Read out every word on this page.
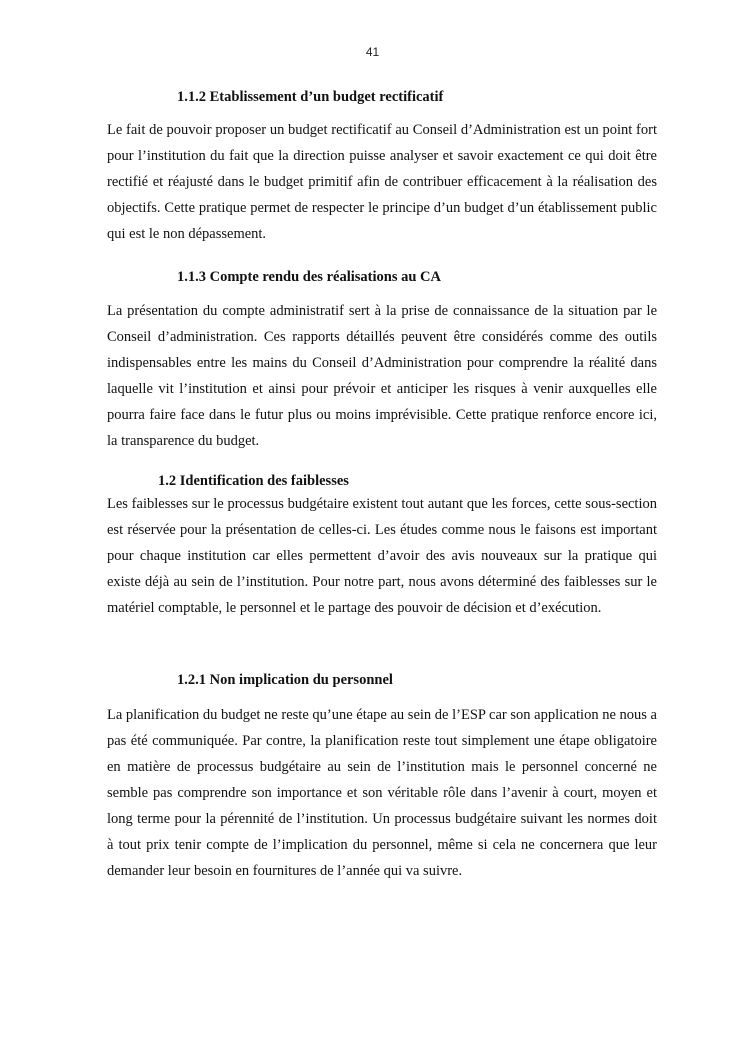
41
1.1.2 Etablissement d’un budget rectificatif

Le fait de pouvoir proposer un budget rectificatif au Conseil d’Administration est un point fort pour l’institution du fait que la direction puisse analyser et savoir exactement ce qui doit être rectifié et réajusté dans le budget primitif afin de contribuer efficacement à la réalisation des objectifs. Cette pratique permet de respecter le principe d’un budget d’un établissement public qui est le non dépassement.

1.1.3 Compte rendu des réalisations au CA

La présentation du compte administratif sert à la prise de connaissance de la situation par le Conseil d’administration. Ces rapports détaillés peuvent être considérés comme des outils indispensables entre les mains du Conseil d’Administration pour comprendre la réalité dans laquelle vit l’institution et ainsi pour prévoir et anticiper les risques à venir auxquelles elle pourra faire face dans le futur plus ou moins imprévisible. Cette pratique renforce encore ici, la transparence du budget.

1.2 Identification des faiblesses

Les faiblesses sur le processus budgétaire existent tout autant que les forces, cette sous-section est réservée pour la présentation de celles-ci. Les études comme nous le faisons est important pour chaque institution car elles permettent d’avoir des avis nouveaux sur la pratique qui existe déjà au sein de l’institution. Pour notre part, nous avons déterminé des faiblesses sur le matériel comptable, le personnel et le partage des pouvoir de décision et d’exécution.

1.2.1 Non implication du personnel

La planification du budget ne reste qu’une étape au sein de l’ESP car son application ne nous a pas été communiquée. Par contre, la planification reste tout simplement une étape obligatoire en matière de processus budgétaire au sein de l’institution mais le personnel concerné ne semble pas comprendre son importance et son véritable rôle dans l’avenir à court, moyen et long terme pour la pérennité de l’institution. Un processus budgétaire suivant les normes doit à tout prix tenir compte de l’implication du personnel, même si cela ne concernera que leur demander leur besoin en fournitures de l’année qui va suivre.
